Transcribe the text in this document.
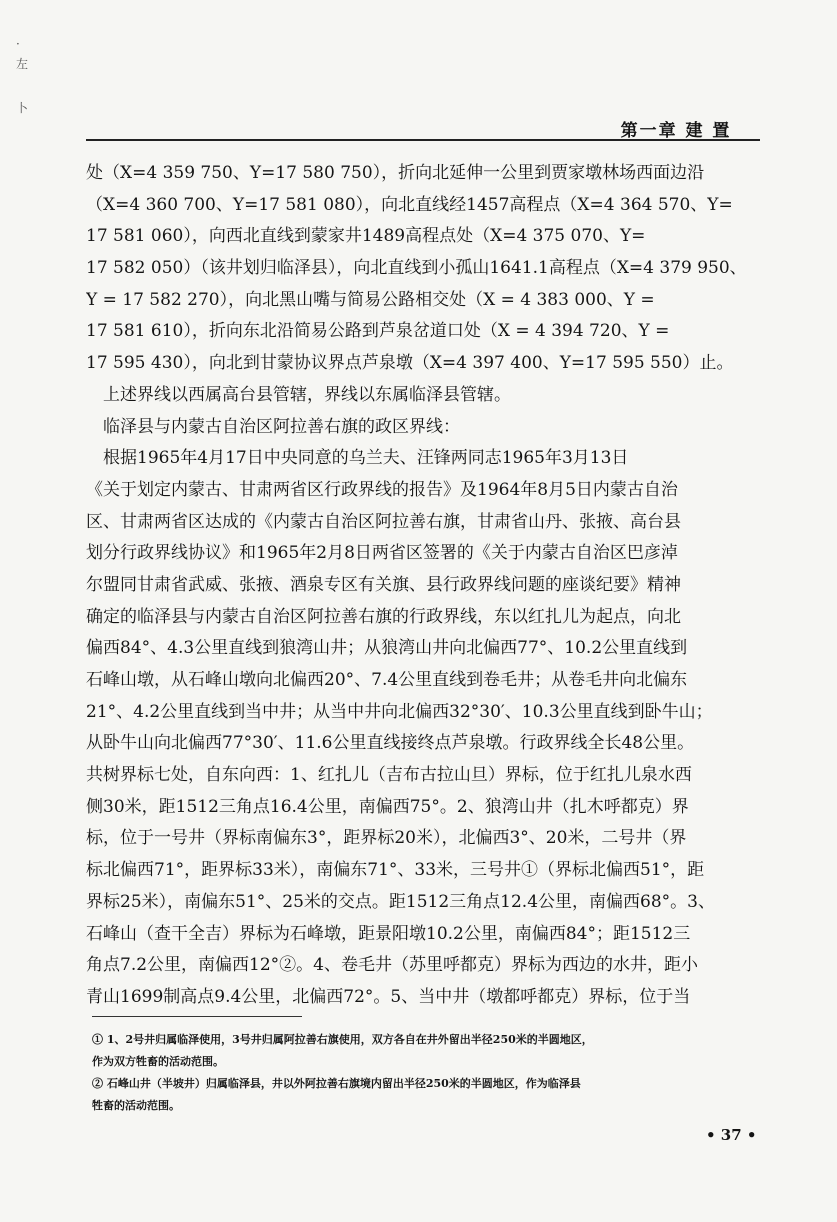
·
左
卜
第一章 建 置
处（X=4 359 750、Y=17 580 750），折向北延伸一公里到贾家墩林场西面边沿
（X=4 360 700、Y=17 581 080），向北直线经1457高程点（X=4 364 570、Y=
17 581 060），向西北直线到蒙家井1489高程点处（X=4 375 070、Y=
17 582 050）（该井划归临泽县），向北直线到小孤山1641.1高程点（X=4 379 950、
Y = 17 582 270），向北黑山嘴与简易公路相交处（X = 4 383 000、Y =
17 581 610），折向东北沿简易公路到芦泉岔道口处（X = 4 394 720、Y =
17 595 430），向北到甘蒙协议界点芦泉墩（X=4 397 400、Y=17 595 550）止。
　上述界线以西属高台县管辖，界线以东属临泽县管辖。
　临泽县与内蒙古自治区阿拉善右旗的政区界线：
　根据1965年4月17日中央同意的乌兰夫、汪锋两同志1965年3月13日
《关于划定内蒙古、甘肃两省区行政界线的报告》及1964年8月5日内蒙古自治
区、甘肃两省区达成的《内蒙古自治区阿拉善右旗，甘肃省山丹、张掖、高台县
划分行政界线协议》和1965年2月8日两省区签署的《关于内蒙古自治区巴彦淖
尔盟同甘肃省武威、张掖、酒泉专区有关旗、县行政界线问题的座谈纪要》精神
确定的临泽县与内蒙古自治区阿拉善右旗的行政界线，东以红扎儿为起点，向北
偏西84°、4.3公里直线到狼湾山井；从狼湾山井向北偏西77°、10.2公里直线到
石峰山墩，从石峰山墩向北偏西20°、7.4公里直线到卷毛井；从卷毛井向北偏东
21°、4.2公里直线到当中井；从当中井向北偏西32°30′、10.3公里直线到卧牛山；
从卧牛山向北偏西77°30′、11.6公里直线接终点芦泉墩。行政界线全长48公里。
共树界标七处，自东向西：1、红扎儿（吉布古拉山旦）界标，位于红扎儿泉水西
侧30米，距1512三角点16.4公里，南偏西75°。2、狼湾山井（扎木呼都克）界
标，位于一号井（界标南偏东3°，距界标20米），北偏西3°、20米，二号井（界
标北偏西71°，距界标33米），南偏东71°、33米，三号井①（界标北偏西51°，距
界标25米），南偏东51°、25米的交点。距1512三角点12.4公里，南偏西68°。3、
石峰山（查干全吉）界标为石峰墩，距景阳墩10.2公里，南偏西84°；距1512三
角点7.2公里，南偏西12°②。4、卷毛井（苏里呼都克）界标为西边的水井，距小
青山1699制高点9.4公里，北偏西72°。5、当中井（墩都呼都克）界标，位于当
① 1、2号井归属临泽使用，3号井归属阿拉善右旗使用，双方各自在井外留出半径250米的半圆地区，
作为双方牲畜的活动范围。
② 石峰山井（半坡井）归属临泽县，井以外阿拉善右旗境内留出半径250米的半圆地区，作为临泽县
牲畜的活动范围。
• 37 •
